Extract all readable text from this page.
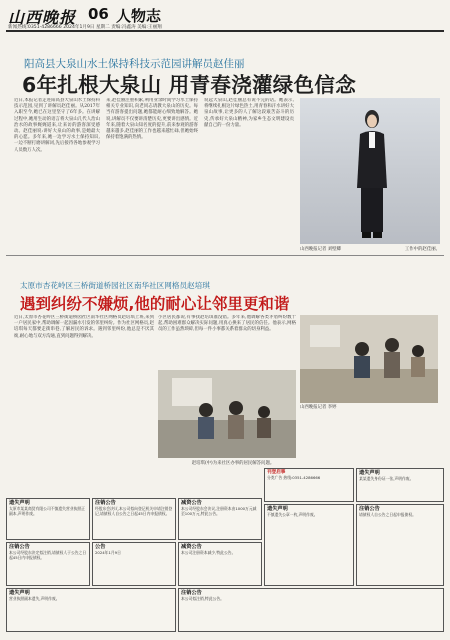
山西晚报 06 人物志
新闻热线:0351-4286666 2024年1月9日 星期二 责编:冯鑫涛 美编:王丽翔
阳高县大泉山水土保持科技示范园讲解员赵佳丽
6年扎根大泉山 用青春浇灌绿色信念
近日,本报记者走进阳高县大泉山水土保持科技示范园,见到了讲解员赵佳丽。从2017年入职至今,她已在这里坚守了6年多。在讲解过程中,她用生动的语言将大泉山几代人治山治水的故事娓娓道来,让来访的游客深受感动。赵佳丽说:讲好大泉山的故事,是她最大的心愿。多年来,她一边学习水土保持知识,一边不断打磨讲解词,先后接待各地参观学习人员数万人次。
来,赵佳丽注重积累,利用业余时间学习水土保持相关专业知识,向老同志请教大泉山的历史。每当有游客提出问题,她都能耐心细致地解答。她说,讲解员不仅要讲清楚历史,更要讲出感情。近年来,随着大泉山知名度的提升,前来参观的游客越来越多,赵佳丽的工作也越来越忙碌,但她始终保持着饱满的热情。
说起大泉山,赵佳丽总有说不完的话。她表示,将继续扎根这片绿色热土,用青春和汗水讲好大泉山故事,让更多的人了解这段艰苦奋斗的历史,传承好大泉山精神,为家乡生态文明建设贡献自己的一份力量。
山西晚报记者 刘壁卿	工作中的赵佳丽。
太原市杏花岭区三桥街道桥园社区南华社区网格员赵培琪
遇到纠纷不嫌烦,他的耐心让邻里更和谐
近日,太原市杏花岭区三桥街道桥园社区南华社区网格员赵培琪上班,来到一户居民家中,帮助调解一起因漏水引发的邻里纠纷。作为社区网格员,赵培琪每天都要走街串巷,了解居民的诉求。遇到邻里纠纷,他总是不厌其烦,耐心地与双方沟通,直到问题得到解决。
小区居民都说,有事找赵培琪准没错。多年来,他调解各类矛盾纠纷数十起,帮助困难群众解决实际问题,用真心换来了居民的信任。他表示,网格员的工作虽然琐碎,但每一件小事都关系着群众的切身利益。
山西晚报记者 李婷
赵培琪(中)为来社区办事的居民解答问题。
遗失声明
太原市某某商贸有限公司不慎遗失营业执照正副本,声明作废。
注销公告
经股东会决议,本公司拟向登记机关申请注销登记,请债权人自公告之日起45日内申报债权。
减资公告
本公司经股东会决议,注册资本由1000万元减至100万元,特此公告。
刊登启事
分类广告 热线:0351-4286666
遗失声明
某某遗失身份证一张,声明作废。
注销公告
本公司经股东决定拟注销,请债权人于公告之日起45日内申报债权。
公告
2024年1月9日
减资公告
本公司注册资本减少,特此公告。
遗失声明
不慎遗失公章一枚,声明作废。
注销公告
请债权人自公告之日起申报债权。
遗失声明
营业执照副本遗失,声明作废。
注销公告
本公司拟注销,特此公告。
